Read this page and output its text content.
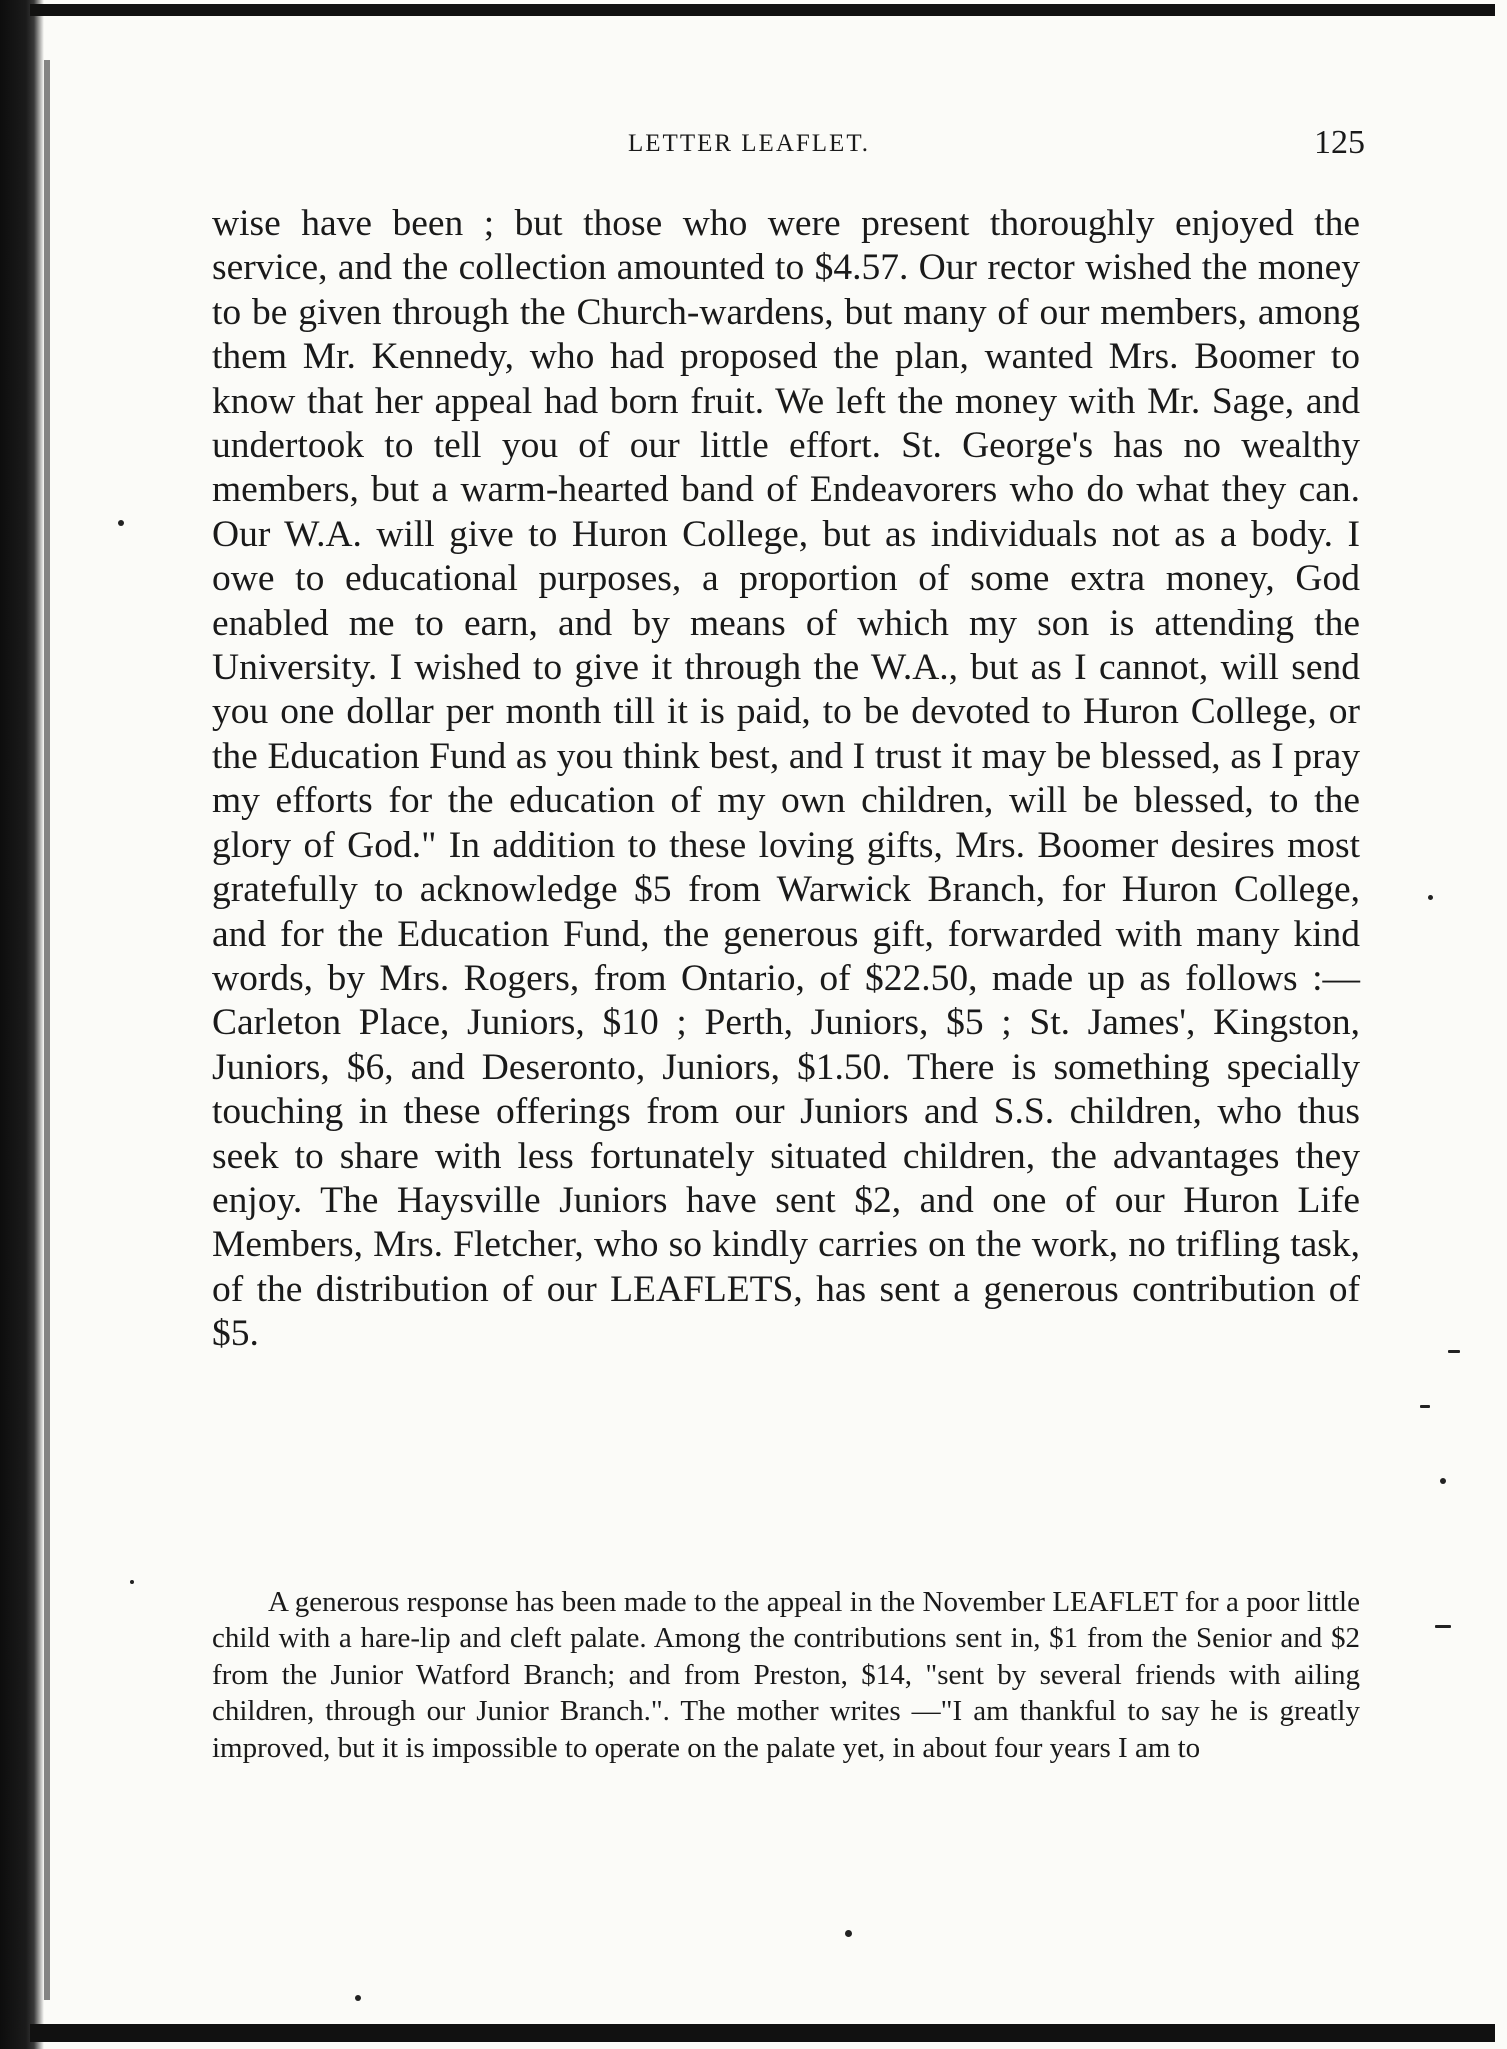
LETTER LEAFLET.	125

wise have been ; but those who were present thoroughly enjoyed the service, and the collection amounted to $4.57. Our rector wished the money to be given through the Church-wardens, but many of our members, among them Mr. Kennedy, who had proposed the plan, wanted Mrs. Boomer to know that her appeal had born fruit. We left the money with Mr. Sage, and undertook to tell you of our little effort. St. George's has no wealthy members, but a warm-hearted band of Endeavorers who do what they can. Our W.A. will give to Huron College, but as individuals not as a body. I owe to educational purposes, a proportion of some extra money, God enabled me to earn, and by means of which my son is attending the University. I wished to give it through the W.A., but as I cannot, will send you one dollar per month till it is paid, to be devoted to Huron College, or the Education Fund as you think best, and I trust it may be blessed, as I pray my efforts for the education of my own children, will be blessed, to the glory of God." In addition to these loving gifts, Mrs. Boomer desires most gratefully to acknowledge $5 from Warwick Branch, for Huron College, and for the Education Fund, the generous gift, forwarded with many kind words, by Mrs. Rogers, from Ontario, of $22.50, made up as follows :—Carleton Place, Juniors, $10 ; Perth, Juniors, $5 ; St. James', Kingston, Juniors, $6, and Deseronto, Juniors, $1.50. There is something specially touching in these offerings from our Juniors and S.S. children, who thus seek to share with less fortunately situated children, the advantages they enjoy. The Haysville Juniors have sent $2, and one of our Huron Life Members, Mrs. Fletcher, who so kindly carries on the work, no trifling task, of the distribution of our LEAFLETS, has sent a generous contribution of $5.

A generous response has been made to the appeal in the November LEAFLET for a poor little child with a hare-lip and cleft palate. Among the contributions sent in, $1 from the Senior and $2 from the Junior Watford Branch; and from Preston, $14, "sent by several friends with ailing children, through our Junior Branch.". The mother writes —"I am thankful to say he is greatly improved, but it is impossible to operate on the palate yet, in about four years I am to
